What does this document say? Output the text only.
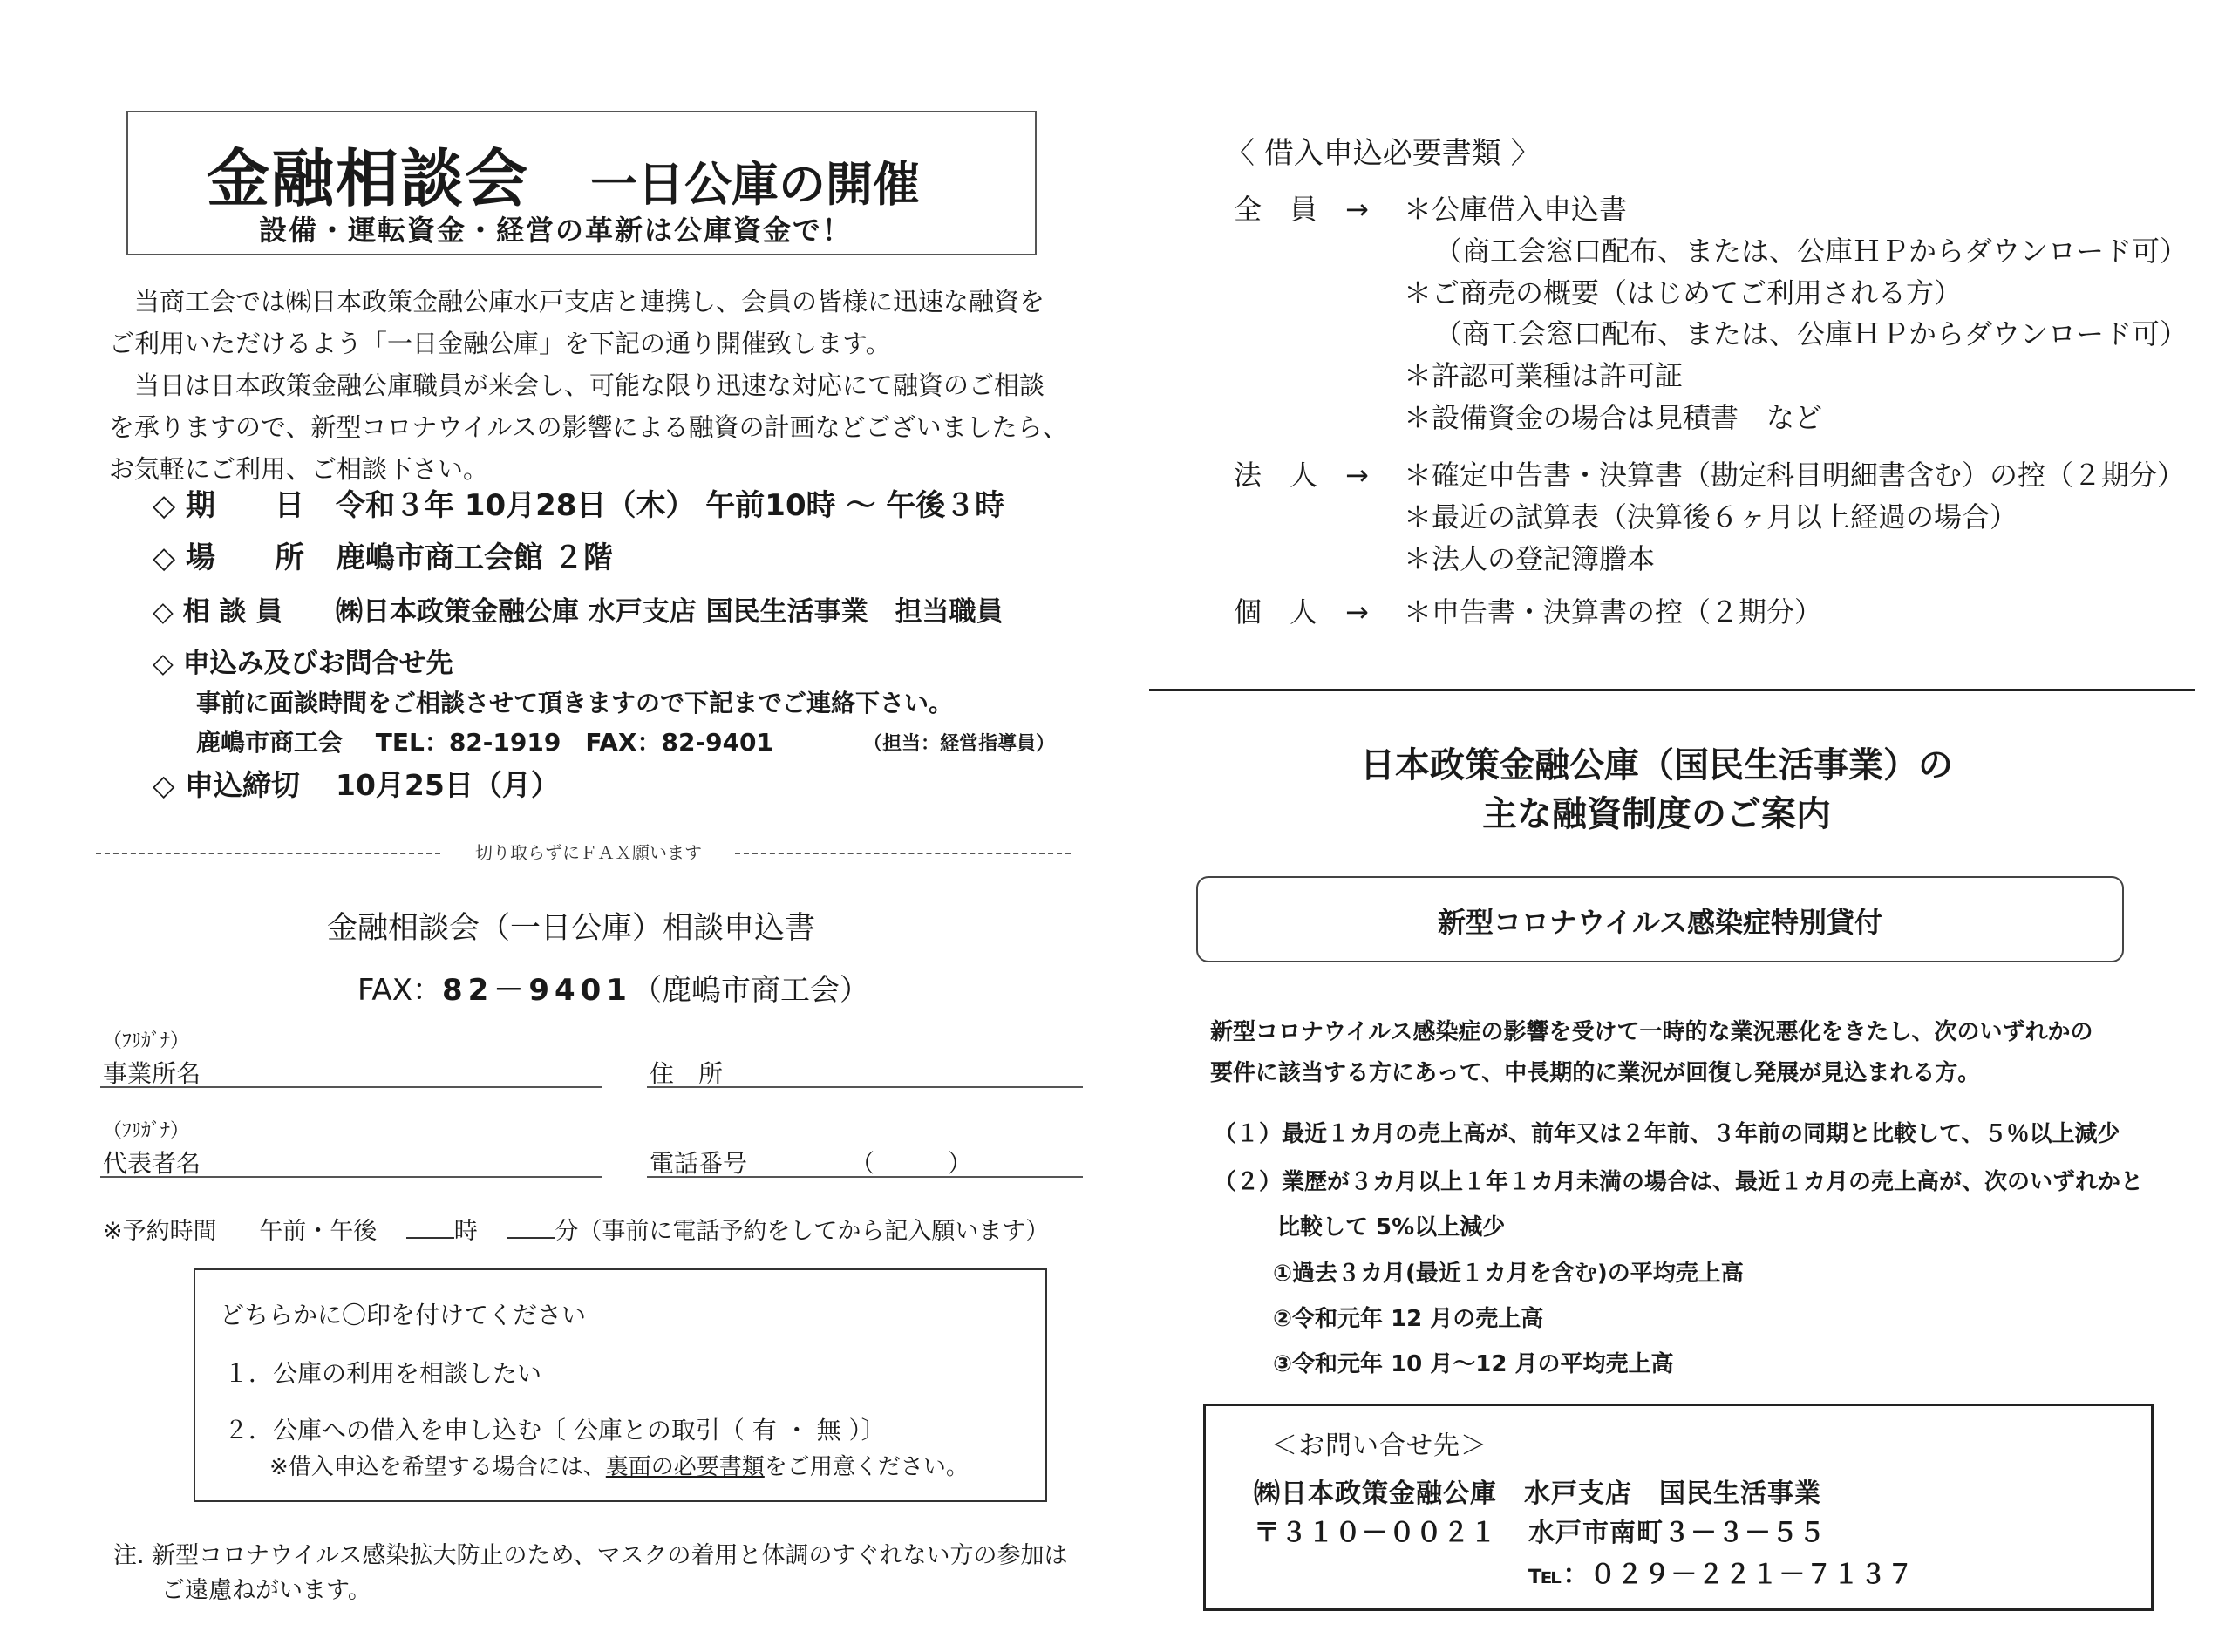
金融相談会 一日公庫の開催
設備・運転資金・経営の革新は公庫資金で！

　当商工会では㈱日本政策金融公庫水戸支店と連携し、会員の皆様に迅速な融資を

ご利用いただけるよう「一日金融公庫」を下記の通り開催致します。

　当日は日本政策金融公庫職員が来会し、可能な限り迅速な対応にて融資のご相談

を承りますので、新型コロナウイルスの影響による融資の計画などございましたら、

お気軽にご利用、ご相談下さい。

◇ 期　　日 令和３年 10月28日（木） 午前10時 ～ 午後３時
◇ 場　　所 鹿嶋市商工会館 ２階
◇ 相 談 員 ㈱日本政策金融公庫 水戸支店 国民生活事業　担当職員
◇ 申込み及びお問合せ先
事前に面談時間をご相談させて頂きますので下記までご連絡下さい。
鹿嶋市商工会　 TEL：82-1919　FAX：82-9401	（担当：経営指導員）
◇ 申込締切 10月25日（月）
切り取らずにＦＡＸ願います
金融相談会（一日公庫）相談申込書
FAX：82－9401（鹿嶋市商工会）
（ﾌﾘｶﾞﾅ）
事業所名	住　所
（ﾌﾘｶﾞﾅ）
代表者名	電話番号	（　　　）
※予約時間 午前・午後	時	分（事前に電話予約をしてから記入願います）
どちらかに〇印を付けてください
１．公庫の利用を相談したい
２．公庫への借入を申し込む〔 公庫との取引（ 有 ・ 無 ）〕
※借入申込を希望する場合には、裏面の必要書類をご用意ください。
注. 新型コロナウイルス感染拡大防止のため、マスクの着用と体調のすぐれない方の参加は
ご遠慮ねがいます。
〈 借入申込必要書類 〉
全　員　→ ＊公庫借入申込書
（商工会窓口配布、または、公庫ＨＰからダウンロード可）
＊ご商売の概要（はじめてご利用される方）
（商工会窓口配布、または、公庫ＨＰからダウンロード可）
＊許認可業種は許可証
＊設備資金の場合は見積書　など
法　人　→ ＊確定申告書・決算書（勘定科目明細書含む）の控（２期分）
＊最近の試算表（決算後６ヶ月以上経過の場合）
＊法人の登記簿謄本
個　人　→ ＊申告書・決算書の控（２期分）
日本政策金融公庫（国民生活事業）の
主な融資制度のご案内
新型コロナウイルス感染症特別貸付
新型コロナウイルス感染症の影響を受けて一時的な業況悪化をきたし、次のいずれかの
要件に該当する方にあって、中長期的に業況が回復し発展が見込まれる方。
（１）最近１カ月の売上高が、前年又は２年前、３年前の同期と比較して、５％以上減少
（２）業歴が３カ月以上１年１カ月未満の場合は、最近１カ月の売上高が、次のいずれかと
比較して 5%以上減少
①過去３カ月(最近１カ月を含む)の平均売上高
②令和元年 12 月の売上高
③令和元年 10 月～12 月の平均売上高
＜お問い合せ先＞
㈱日本政策金融公庫　水戸支店　国民生活事業
〒３１０－００２１ 水戸市南町３－３－５５
℡：０２９－２２１－７１３７
